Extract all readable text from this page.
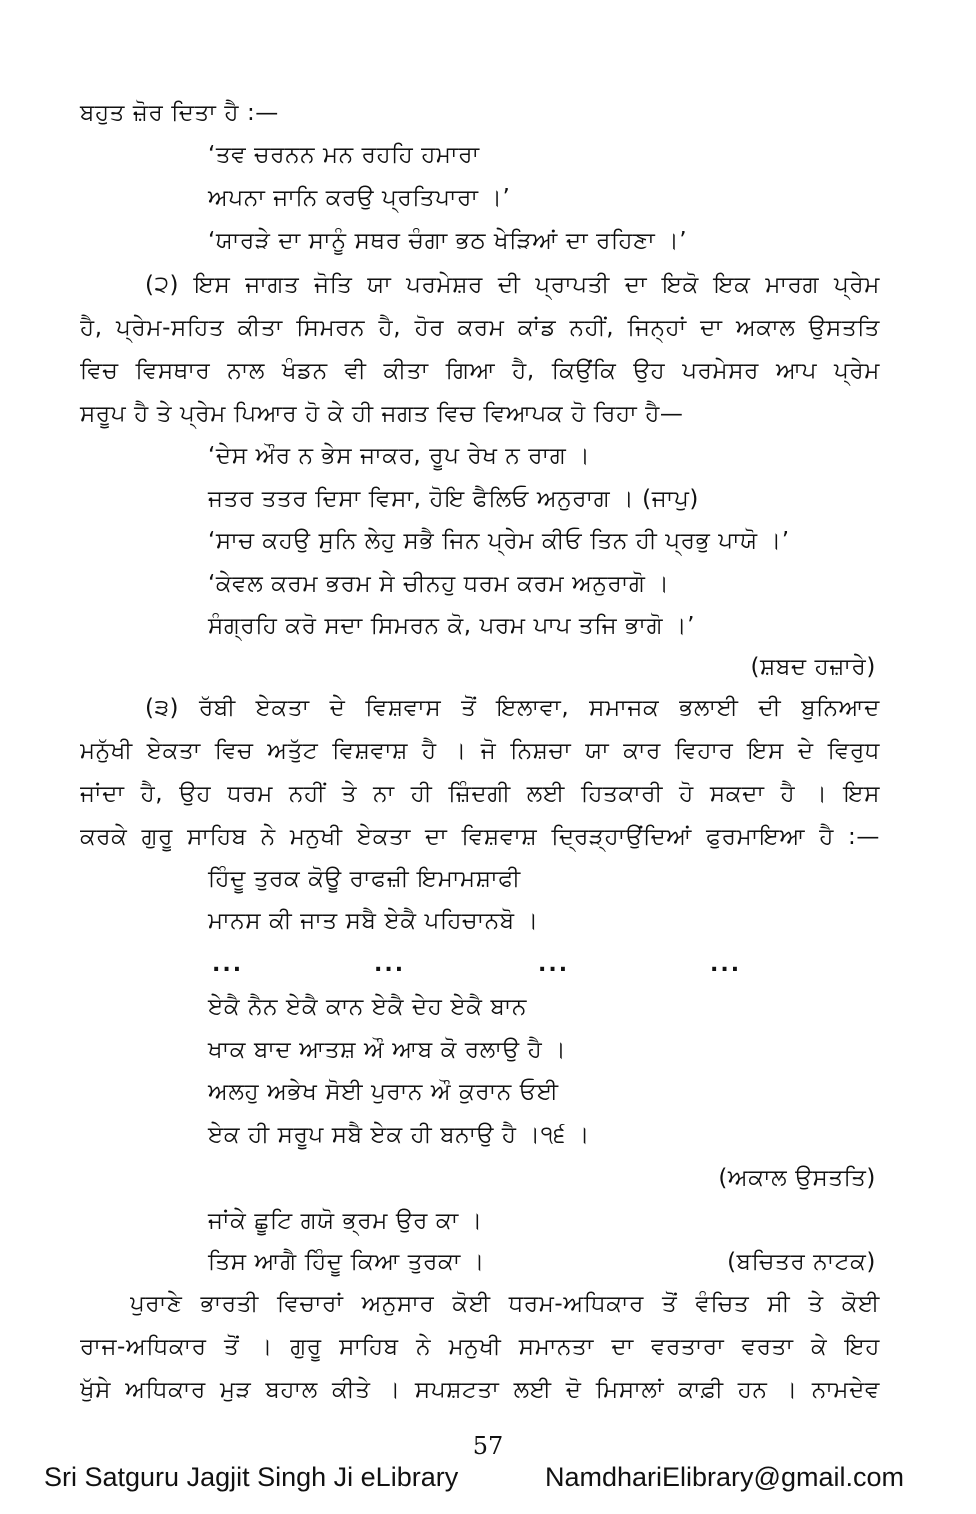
ਬਹੁਤ ਜ਼ੋਰ ਦਿਤਾ ਹੈ :—
‘ਤਵ ਚਰਨਨ ਮਨ ਰਹਹਿ ਹਮਾਰਾ
ਅਪਨਾ ਜਾਨਿ ਕਰਉ ਪ੍ਰਤਿਪਾਰਾ ।’
‘ਯਾਰੜੇ ਦਾ ਸਾਨੂੰ ਸਥਰ ਚੰਗਾ ਭਠ ਖੇੜਿਆਂ ਦਾ ਰਹਿਣਾ ।’
(੨) ਇਸ ਜਾਗਤ ਜੋਤਿ ਯਾ ਪਰਮੇਸ਼ਰ ਦੀ ਪ੍ਰਾਪਤੀ ਦਾ ਇਕੋ ਇਕ ਮਾਰਗ ਪ੍ਰੇਮ
ਹੈ, ਪ੍ਰੇਮ-ਸਹਿਤ ਕੀਤਾ ਸਿਮਰਨ ਹੈ, ਹੋਰ ਕਰਮ ਕਾਂਡ ਨਹੀਂ, ਜਿਨ੍ਹਾਂ ਦਾ ਅਕਾਲ ਉਸਤਤਿ
ਵਿਚ ਵਿਸਥਾਰ ਨਾਲ ਖੰਡਨ ਵੀ ਕੀਤਾ ਗਿਆ ਹੈ, ਕਿਉਂਕਿ ਉਹ ਪਰਮੇਸਰ ਆਪ ਪ੍ਰੇਮ
ਸਰੂਪ ਹੈ ਤੇ ਪ੍ਰੇਮ ਪਿਆਰ ਹੋ ਕੇ ਹੀ ਜਗਤ ਵਿਚ ਵਿਆਪਕ ਹੋ ਰਿਹਾ ਹੈ—
‘ਦੇਸ ਔਰ ਨ ਭੇਸ ਜਾਕਰ, ਰੂਪ ਰੇਖ ਨ ਰਾਗ ।
ਜਤਰ ਤਤਰ ਦਿਸਾ ਵਿਸਾ, ਹੋਇ ਫੈਲਿਓ ਅਨੁਰਾਗ । (ਜਾਪੁ)
‘ਸਾਚ ਕਹਉ ਸੁਨਿ ਲੇਹੁ ਸਭੈ ਜਿਨ ਪ੍ਰੇਮ ਕੀਓ ਤਿਨ ਹੀ ਪ੍ਰਭੁ ਪਾਯੋ ।’
‘ਕੇਵਲ ਕਰਮ ਭਰਮ ਸੇ ਚੀਨਹੁ ਧਰਮ ਕਰਮ ਅਨੁਰਾਗੋ ।
ਸੰਗ੍ਰਹਿ ਕਰੋ ਸਦਾ ਸਿਮਰਨ ਕੋ, ਪਰਮ ਪਾਪ ਤਜਿ ਭਾਗੋ ।’
(ਸ਼ਬਦ ਹਜ਼ਾਰੇ)
(੩) ਰੱਬੀ ਏਕਤਾ ਦੇ ਵਿਸ਼ਵਾਸ ਤੋਂ ਇਲਾਵਾ, ਸਮਾਜਕ ਭਲਾਈ ਦੀ ਬੁਨਿਆਦ
ਮਨੁੱਖੀ ਏਕਤਾ ਵਿਚ ਅਤੁੱਟ ਵਿਸ਼ਵਾਸ਼ ਹੈ । ਜੋ ਨਿਸ਼ਚਾ ਯਾ ਕਾਰ ਵਿਹਾਰ ਇਸ ਦੇ ਵਿਰੁਧ
ਜਾਂਦਾ ਹੈ, ਉਹ ਧਰਮ ਨਹੀਂ ਤੇ ਨਾ ਹੀ ਜ਼ਿੰਦਗੀ ਲਈ ਹਿਤਕਾਰੀ ਹੋ ਸਕਦਾ ਹੈ । ਇਸ
ਕਰਕੇ ਗੁਰੂ ਸਾਹਿਬ ਨੇ ਮਨੁਖੀ ਏਕਤਾ ਦਾ ਵਿਸ਼ਵਾਸ਼ ਦ੍ਰਿੜ੍ਹਾਉਂਦਿਆਂ ਫੁਰਮਾਇਆ ਹੈ :—
ਹਿੰਦੂ ਤੁਰਕ ਕੋਊ ਰਾਫਜ਼ੀ ਇਮਾਮਸ਼ਾਫੀ
ਮਾਨਸ ਕੀ ਜਾਤ ਸਬੈ ਏਕੈ ਪਹਿਚਾਨਬੋ ।
...	...	...	...
ਏਕੈ ਨੈਨ ਏਕੈ ਕਾਨ ਏਕੈ ਦੇਹ ਏਕੈ ਬਾਨ
ਖਾਕ ਬਾਦ ਆਤਸ਼ ਔ ਆਬ ਕੋ ਰਲਾਉ ਹੈ ।
ਅਲਹੁ ਅਭੇਖ ਸੋਈ ਪੁਰਾਨ ਔ ਕੁਰਾਨ ਓਈ
ਏਕ ਹੀ ਸਰੂਪ ਸਬੈ ਏਕ ਹੀ ਬਨਾਉ ਹੈ ।੧੬ ।
(ਅਕਾਲ ਉਸਤਤਿ)
ਜਾਂਕੇ ਛੂਟਿ ਗਯੋ ਭ੍ਰਮ ਉਰ ਕਾ ।
ਤਿਸ ਆਗੈ ਹਿੰਦੂ ਕਿਆ ਤੁਰਕਾ ।	(ਬਚਿਤਰ ਨਾਟਕ)
ਪੁਰਾਣੇ ਭਾਰਤੀ ਵਿਚਾਰਾਂ ਅਨੁਸਾਰ ਕੋਈ ਧਰਮ-ਅਧਿਕਾਰ ਤੋਂ ਵੰਚਿਤ ਸੀ ਤੇ ਕੋਈ
ਰਾਜ-ਅਧਿਕਾਰ ਤੋਂ । ਗੁਰੂ ਸਾਹਿਬ ਨੇ ਮਨੁਖੀ ਸਮਾਨਤਾ ਦਾ ਵਰਤਾਰਾ ਵਰਤਾ ਕੇ ਇਹ
ਖੁੱਸੇ ਅਧਿਕਾਰ ਮੁੜ ਬਹਾਲ ਕੀਤੇ । ਸਪਸ਼ਟਤਾ ਲਈ ਦੋ ਮਿਸਾਲਾਂ ਕਾਫ਼ੀ ਹਨ । ਨਾਮਦੇਵ
57
Sri Satguru Jagjit Singh Ji eLibrary	NamdhariElibrary@gmail.com
